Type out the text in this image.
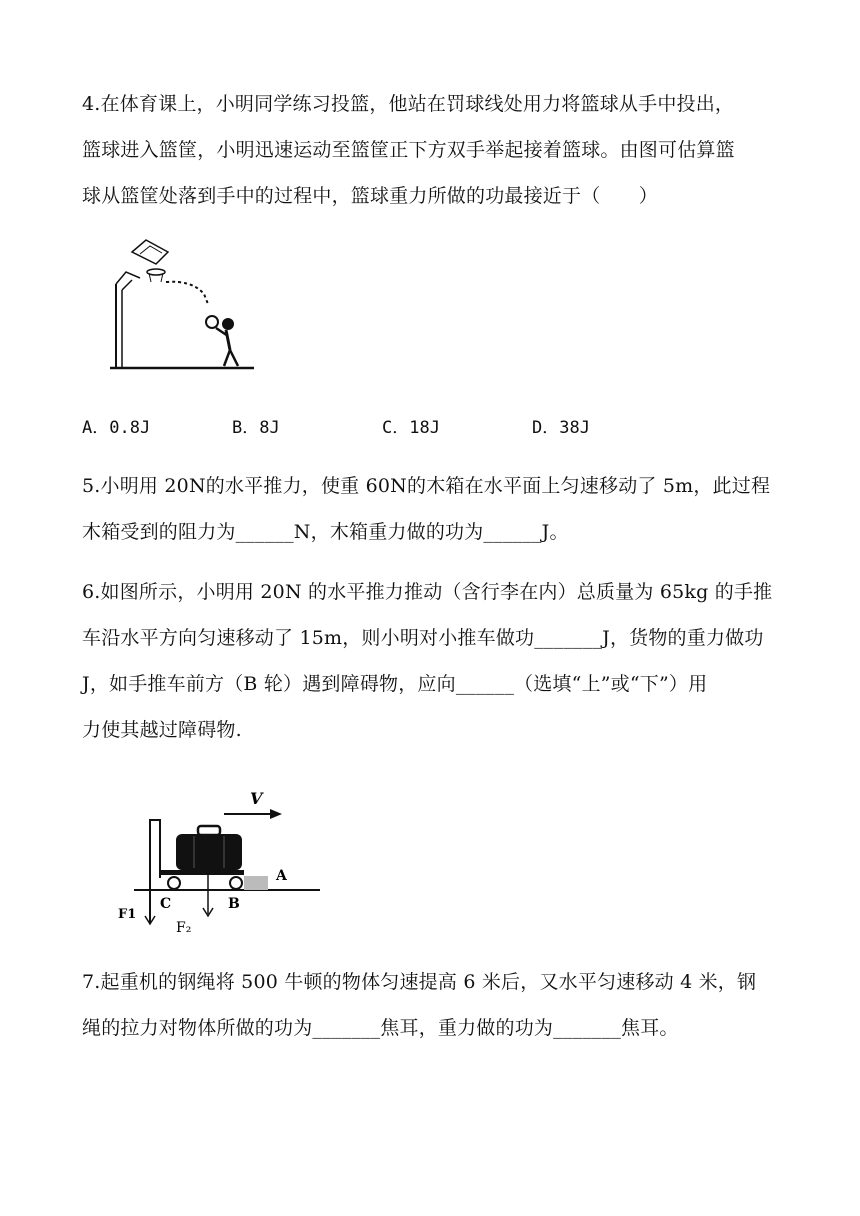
4.在体育课上，小明同学练习投篮，他站在罚球线处用力将篮球从手中投出，
篮球进入篮筐，小明迅速运动至篮筐正下方双手举起接着篮球。由图可估算篮
球从篮筐处落到手中的过程中，篮球重力所做的功最接近于（　　）
A．0.8J	B．8J	C．18J	D．38J
5.小明用 20N的水平推力，使重 60N的木箱在水平面上匀速移动了 5m，此过程
木箱受到的阻力为______N，木箱重力做的功为______J。
6.如图所示，小明用 20N 的水平推力推动（含行李在内）总质量为 65kg 的手推
车沿水平方向匀速移动了 15m，则小明对小推车做功_______J，货物的重力做功
J，如手推车前方（B 轮）遇到障碍物，应向______（选填“上”或“下”）用
力使其越过障碍物.
V
A
F₂
F1
C	B
7.起重机的钢绳将 500 牛顿的物体匀速提高 6 米后，又水平匀速移动 4 米，钢
绳的拉力对物体所做的功为_______焦耳，重力做的功为_______焦耳。
